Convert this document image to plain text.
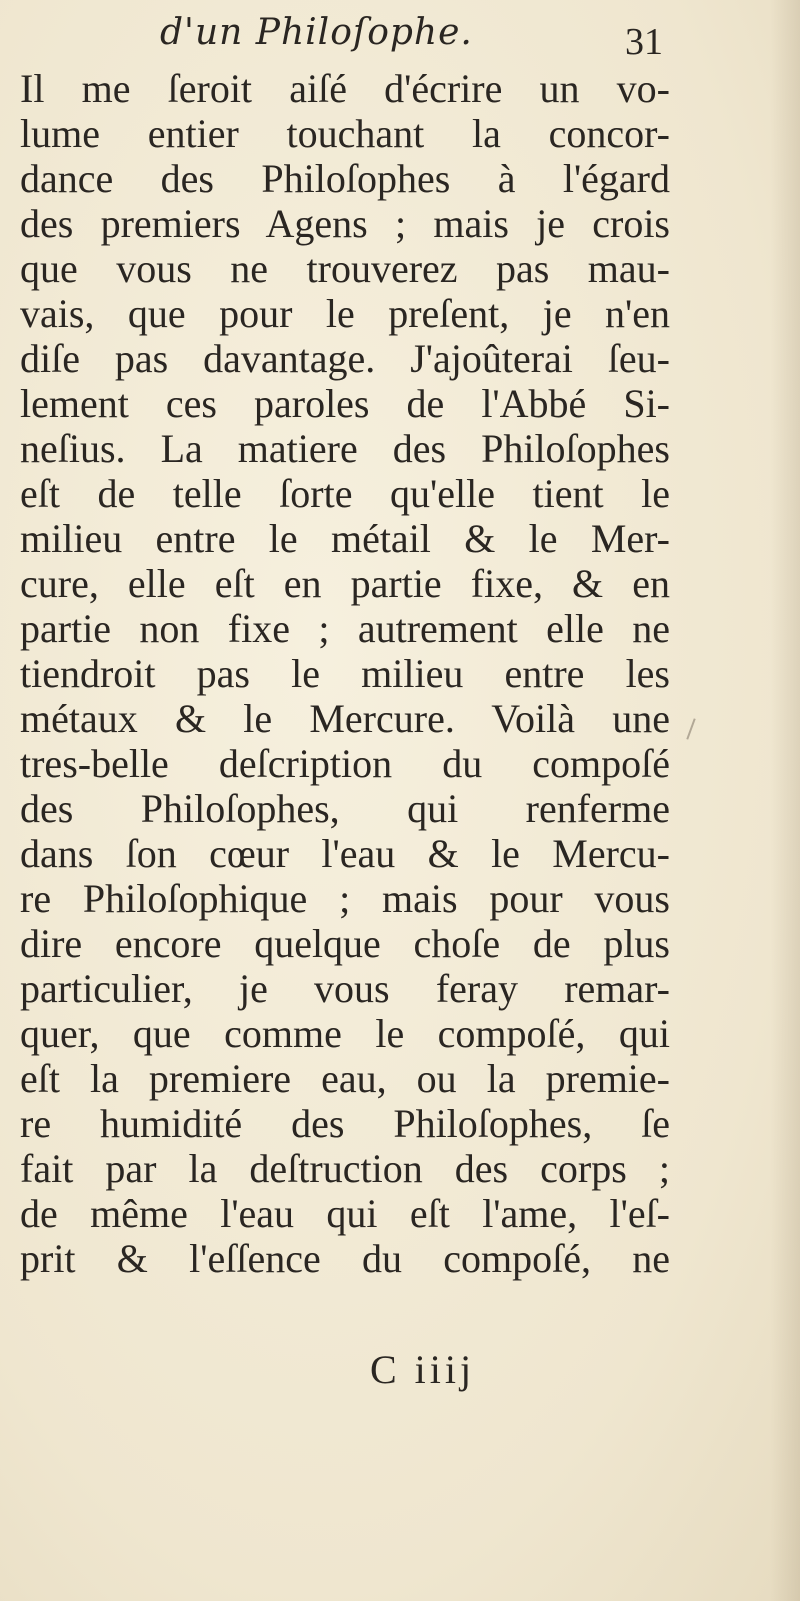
d'un Philoſophe.	31
Il me ſeroit aiſé d'écrire un vo-
lume entier touchant la concor-
dance des Philoſophes à l'égard
des premiers Agens ; mais je crois
que vous ne trouverez pas mau-
vais, que pour le preſent, je n'en
diſe pas davantage. J'ajoûterai ſeu-
lement ces paroles de l'Abbé Si-
neſius. La matiere des Philoſophes
eſt de telle ſorte qu'elle tient le
milieu entre le métail & le Mer-
cure, elle eſt en partie fixe, & en
partie non fixe ; autrement elle ne
tiendroit pas le milieu entre les
métaux & le Mercure. Voilà une
tres-belle deſcription du compoſé
des Philoſophes, qui renferme
dans ſon cœur l'eau & le Mercu-
re Philoſophique ; mais pour vous
dire encore quelque choſe de plus
particulier, je vous feray remar-
quer, que comme le compoſé, qui
eſt la premiere eau, ou la premie-
re humidité des Philoſophes, ſe
fait par la deſtruction des corps ;
de même l'eau qui eſt l'ame, l'eſ-
prit & l'eſſence du compoſé, ne
C iiij
